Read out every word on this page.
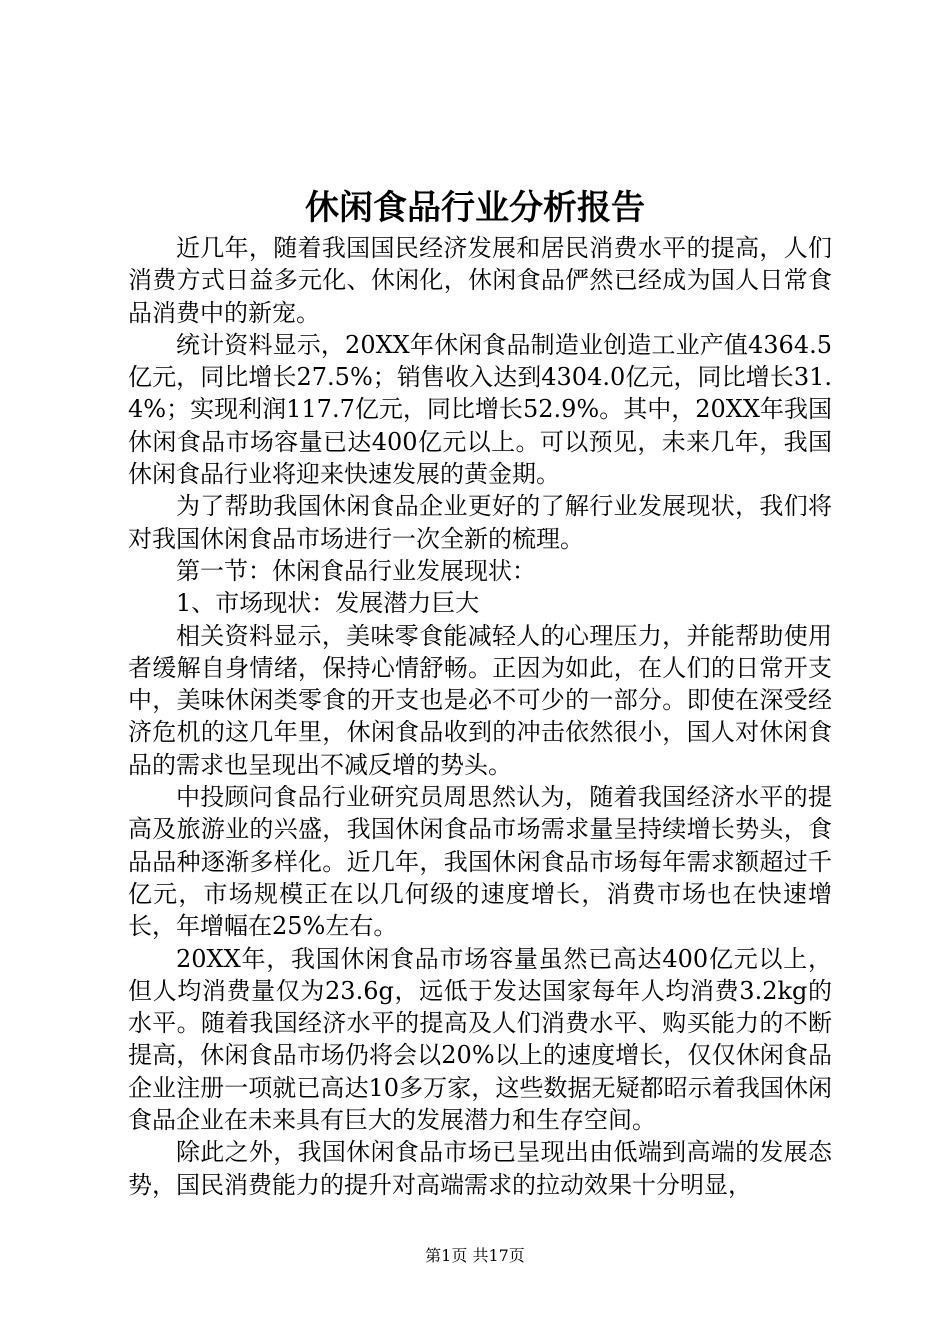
休闲食品行业分析报告

近几年，随着我国国民经济发展和居民消费水平的提高，人们消费方式日益多元化、休闲化，休闲食品俨然已经成为国人日常食品消费中的新宠。

统计资料显示，20XX年休闲食品制造业创造工业产值4364.5亿元，同比增长27.5%；销售收入达到4304.0亿元，同比增长31.4%；实现利润117.7亿元，同比增长52.9%。其中，20XX年我国休闲食品市场容量已达400亿元以上。可以预见，未来几年，我国休闲食品行业将迎来快速发展的黄金期。

为了帮助我国休闲食品企业更好的了解行业发展现状，我们将对我国休闲食品市场进行一次全新的梳理。

第一节：休闲食品行业发展现状：

1、市场现状：发展潜力巨大

相关资料显示，美味零食能减轻人的心理压力，并能帮助使用者缓解自身情绪，保持心情舒畅。正因为如此，在人们的日常开支中，美味休闲类零食的开支也是必不可少的一部分。即使在深受经济危机的这几年里，休闲食品收到的冲击依然很小，国人对休闲食品的需求也呈现出不减反增的势头。

中投顾问食品行业研究员周思然认为，随着我国经济水平的提高及旅游业的兴盛，我国休闲食品市场需求量呈持续增长势头，食品品种逐渐多样化。近几年，我国休闲食品市场每年需求额超过千亿元，市场规模正在以几何级的速度增长，消费市场也在快速增长，年增幅在25%左右。

20XX年，我国休闲食品市场容量虽然已高达400亿元以上，但人均消费量仅为23.6g，远低于发达国家每年人均消费3.2kg的水平。随着我国经济水平的提高及人们消费水平、购买能力的不断提高，休闲食品市场仍将会以20%以上的速度增长，仅仅休闲食品企业注册一项就已高达10多万家，这些数据无疑都昭示着我国休闲食品企业在未来具有巨大的发展潜力和生存空间。

除此之外，我国休闲食品市场已呈现出由低端到高端的发展态势，国民消费能力的提升对高端需求的拉动效果十分明显，

第1页 共17页
